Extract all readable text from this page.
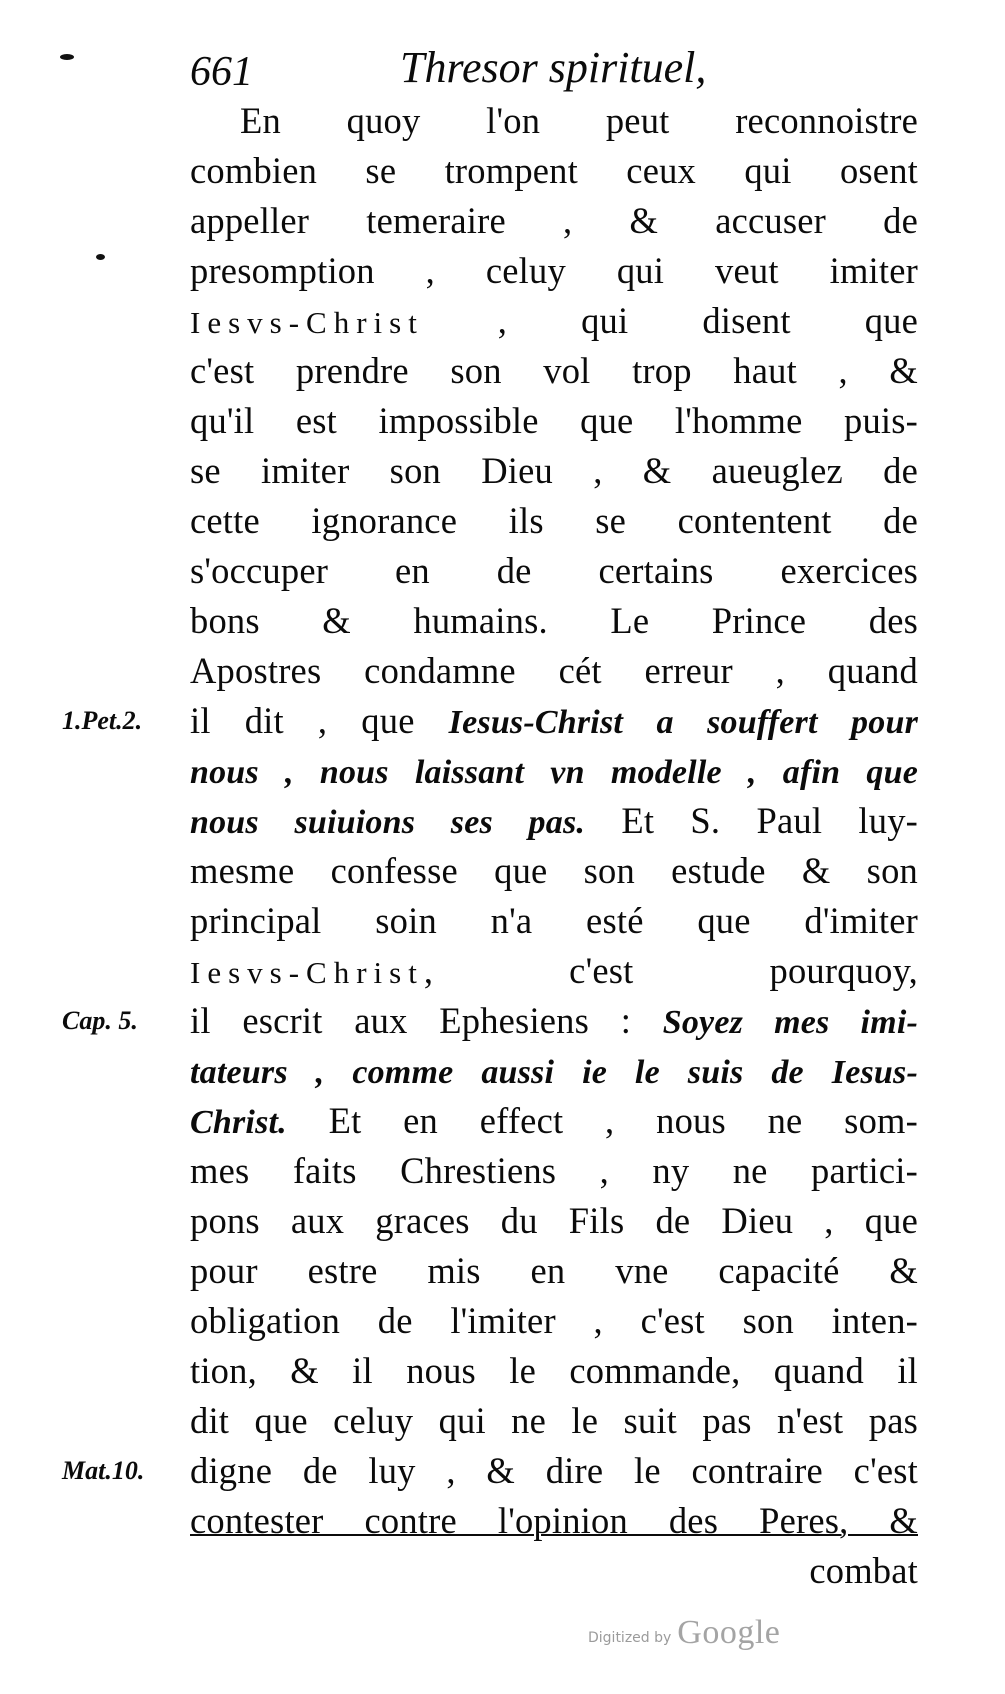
661	Thresor spirituel,
En quoy l'on peut reconnoistre
combien se trompent ceux qui osent
appeller temeraire , & accuser de
presomption , celuy qui veut imiter
Iesvs-Christ , qui disent que
c'est prendre son vol trop haut , &
qu'il est impossible que l'homme puis-
se imiter son Dieu , & aueuglez de
cette ignorance ils se contentent de
s'occuper en de certains exercices
bons & humains. Le Prince des
Apostres condamne cét erreur , quand
il dit , que Iesus-Christ a souffert pour
nous , nous laissant vn modelle , afin que
nous suiuions ses pas. Et S. Paul luy-
mesme confesse que son estude & son
principal soin n'a esté que d'imiter
Iesvs-Christ, c'est pourquoy,
il escrit aux Ephesiens : Soyez mes imi-
tateurs , comme aussi ie le suis de Iesus-
Christ. Et en effect , nous ne som-
mes faits Chrestiens , ny ne partici-
pons aux graces du Fils de Dieu , que
pour estre mis en vne capacité &
obligation de l'imiter , c'est son inten-
tion, & il nous le commande, quand il
dit que celuy qui ne le suit pas n'est pas
digne de luy , & dire le contraire c'est
contester contre l'opinion des Peres, &
combat
1.Pet.2.
Cap. 5.
Mat.10.
Digitized by Google
